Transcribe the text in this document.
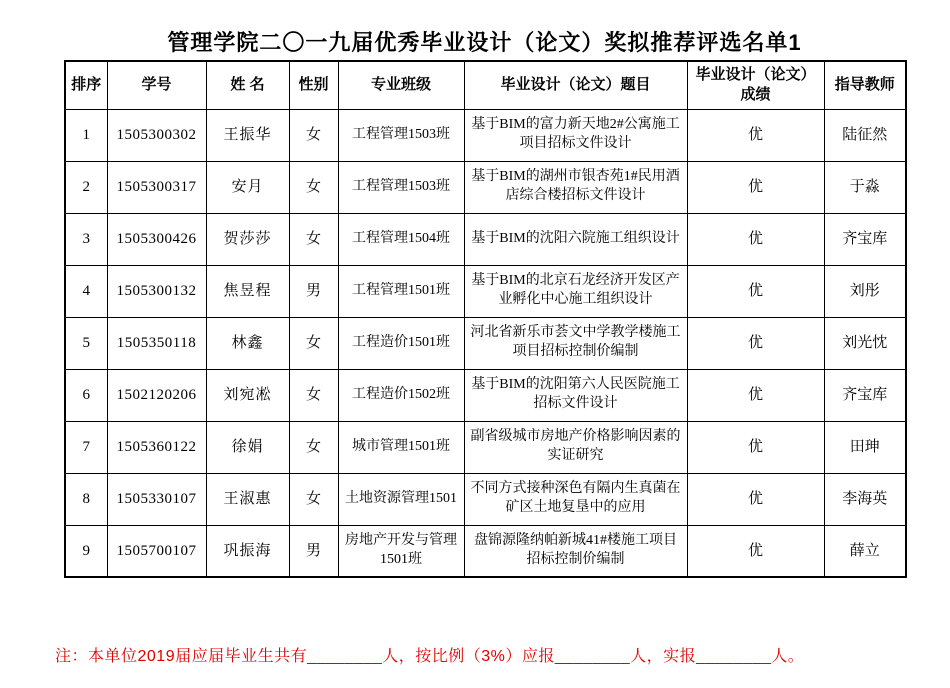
管理学院二〇一九届优秀毕业设计（论文）奖拟推荐评选名单1
排序	学号	姓 名	性别	专业班级	毕业设计（论文）题目	毕业设计（论文）成绩	指导教师
1	1505300302	王振华	女	工程管理1503班	基于BIM的富力新天地2#公寓施工项目招标文件设计	优	陆征然
2	1505300317	安月	女	工程管理1503班	基于BIM的湖州市银杏苑1#民用酒店综合楼招标文件设计	优	于淼
3	1505300426	贺莎莎	女	工程管理1504班	基于BIM的沈阳六院施工组织设计	优	齐宝库
4	1505300132	焦昱程	男	工程管理1501班	基于BIM的北京石龙经济开发区产业孵化中心施工组织设计	优	刘彤
5	1505350118	林鑫	女	工程造价1501班	河北省新乐市荟文中学教学楼施工项目招标控制价编制	优	刘光忱
6	1502120206	刘宛凇	女	工程造价1502班	基于BIM的沈阳第六人民医院施工招标文件设计	优	齐宝库
7	1505360122	徐娟	女	城市管理1501班	副省级城市房地产价格影响因素的实证研究	优	田珅
8	1505330107	王淑惠	女	土地资源管理1501	不同方式接种深色有隔内生真菌在矿区土地复垦中的应用	优	李海英
9	1505700107	巩振海	男	房地产开发与管理1501班	盘锦源隆纳帕新城41#楼施工项目招标控制价编制	优	薛立
注：本单位2019届应届毕业生共有________人，按比例（3%）应报________人，实报________人。
